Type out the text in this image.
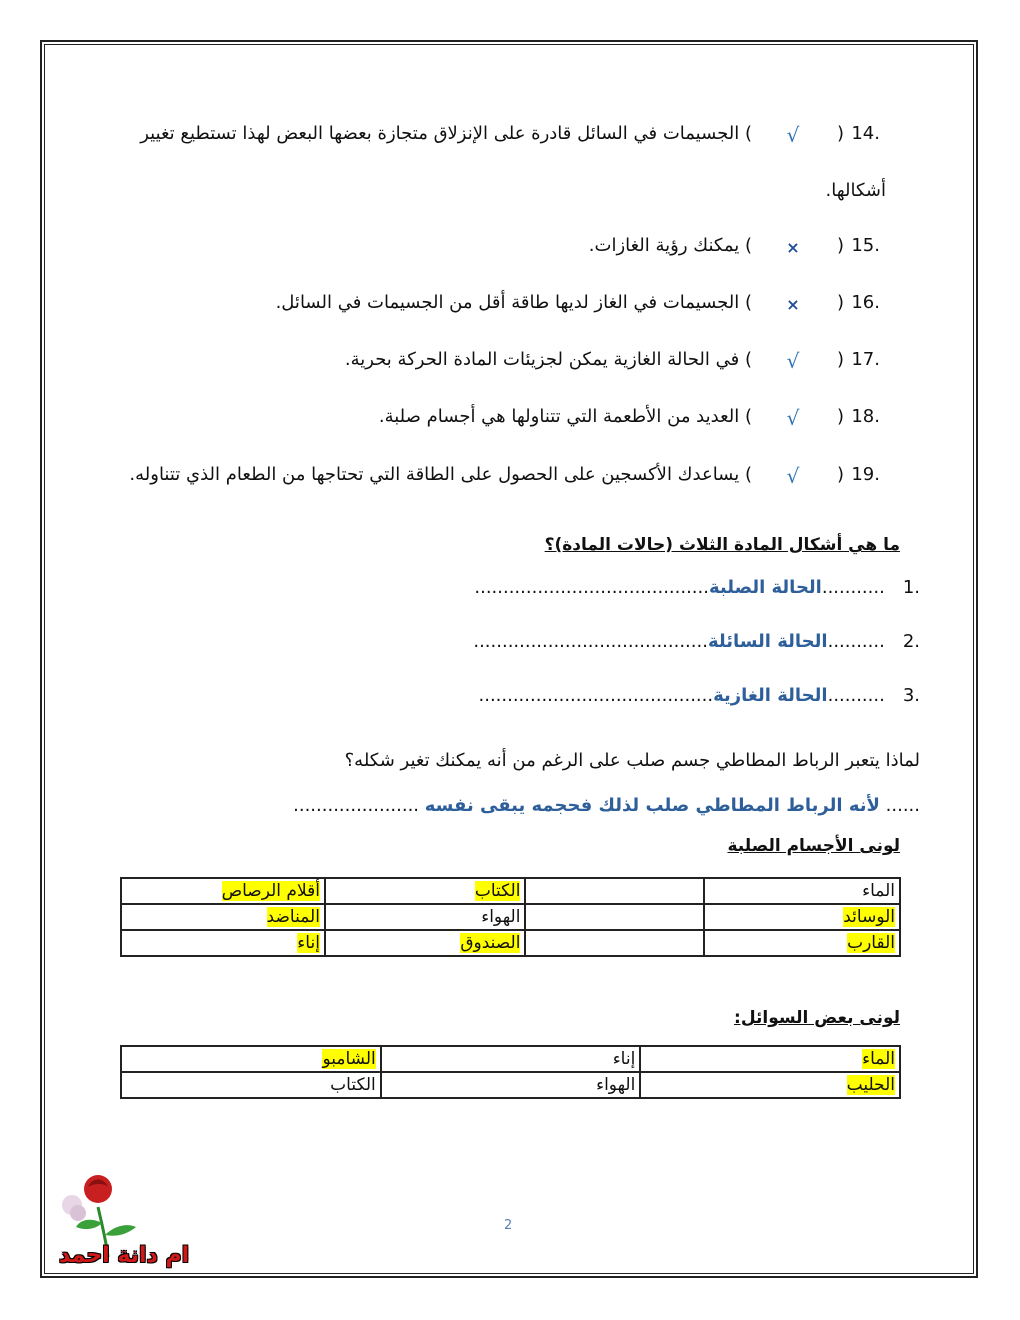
14.
(
√
) الجسيمات في السائل قادرة على الإنزلاق متجازة بعضها البعض لهذا تستطيع تغيير
أشكالها.
15.
(
×
) يمكنك رؤية الغازات.
16.
(
×
) الجسيمات في الغاز لديها طاقة أقل من الجسيمات في السائل.
17.
(
√
) في الحالة الغازية يمكن لجزيئات المادة الحركة بحرية.
18.
(
√
) العديد من الأطعمة التي تتناولها هي أجسام صلبة.
19.
(
√
) يساعدك الأكسجين على الحصول على الطاقة التي تحتاجها من الطعام الذي تتناوله.
ما هي أشكال المادة الثلاث (حالات المادة)؟
1............الحالة الصلبة.........................................
2...........الحالة السائلة.........................................
3...........الحالة الغازية.........................................
لماذا يتعبر الرباط المطاطي جسم صلب على الرغم من أنه يمكنك تغير شكله؟
...... لأنه الرباط المطاطي صلب لذلك فحجمه يبقى نفسه ......................
لونى الأجسام الصلبة
الماء		الكتاب	أقلام الرصاص
الوسائد		الهواء	المناضد
القارب		الصندوق	إناء
لونى بعض السوائل:
الماء	إناء	الشامبو
الحليب	الهواء	الكتاب
2
ام دانة احمد
